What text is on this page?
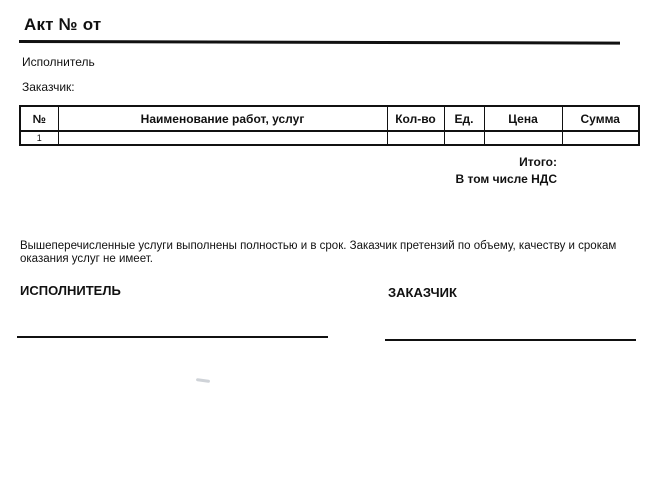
Акт № от
Исполнитель
Заказчик:
№	Наименование работ, услуг	Кол-во	Ед.	Цена	Сумма
1					
Итого:
В том числе НДС
Вышеперечисленные услуги выполнены полностью и в срок. Заказчик претензий по объему, качеству и срокам оказания услуг не имеет.
ИСПОЛНИТЕЛЬ	ЗАКАЗЧИК
